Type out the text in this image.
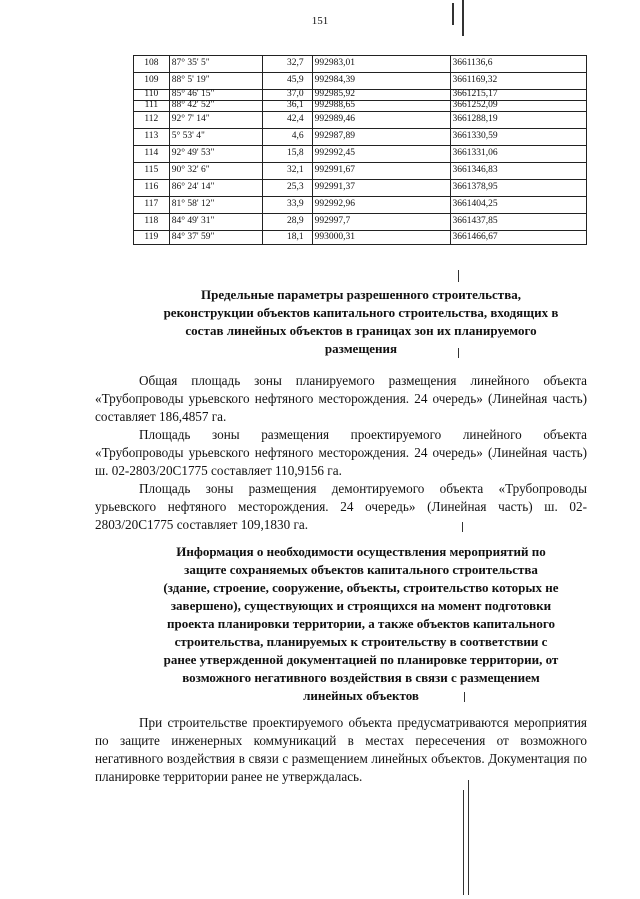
151
108	87° 35' 5"	32,7	992983,01	3661136,6
109	88° 5' 19"	45,9	992984,39	3661169,32
110	85° 46' 15"	37,0	992985,92	3661215,17
111	88° 42' 52"	36,1	992988,65	3661252,09
112	92° 7' 14"	42,4	992989,46	3661288,19
113	5° 53' 4"	4,6	992987,89	3661330,59
114	92° 49' 53"	15,8	992992,45	3661331,06
115	90° 32' 6"	32,1	992991,67	3661346,83
116	86° 24' 14"	25,3	992991,37	3661378,95
117	81° 58' 12"	33,9	992992,96	3661404,25
118	84° 49' 31"	28,9	992997,7	3661437,85
119	84° 37' 59"	18,1	993000,31	3661466,67
Предельные параметры разрешенного строительства,
реконструкции объектов капитального строительства, входящих в
состав линейных объектов в границах зон их планируемого
размещения

Общая площадь зоны планируемого размещения линейного объекта «Трубопроводы урьевского нефтяного месторождения. 24 очередь» (Линейная часть) составляет 186,4857 га.

Площадь зоны размещения проектируемого линейного объекта «Трубопроводы урьевского нефтяного месторождения. 24 очередь» (Линейная часть) ш. 02-2803/20С1775 составляет 110,9156 га.

Площадь зоны размещения демонтируемого объекта «Трубопроводы урьевского нефтяного месторождения. 24 очередь» (Линейная часть) ш. 02-2803/20С1775 составляет 109,1830 га.

Информация о необходимости осуществления мероприятий по
защите сохраняемых объектов капитального строительства
(здание, строение, сооружение, объекты, строительство которых не
завершено), существующих и строящихся на момент подготовки
проекта планировки территории, а также объектов капитального
строительства, планируемых к строительству в соответствии с
ранее утвержденной документацией по планировке территории, от
возможного негативного воздействия в связи с размещением
линейных объектов

При строительстве проектируемого объекта предусматриваются мероприятия по защите инженерных коммуникаций в местах пересечения от возможного негативного воздействия в связи с размещением линейных объектов. Документация по планировке территории ранее не утверждалась.
